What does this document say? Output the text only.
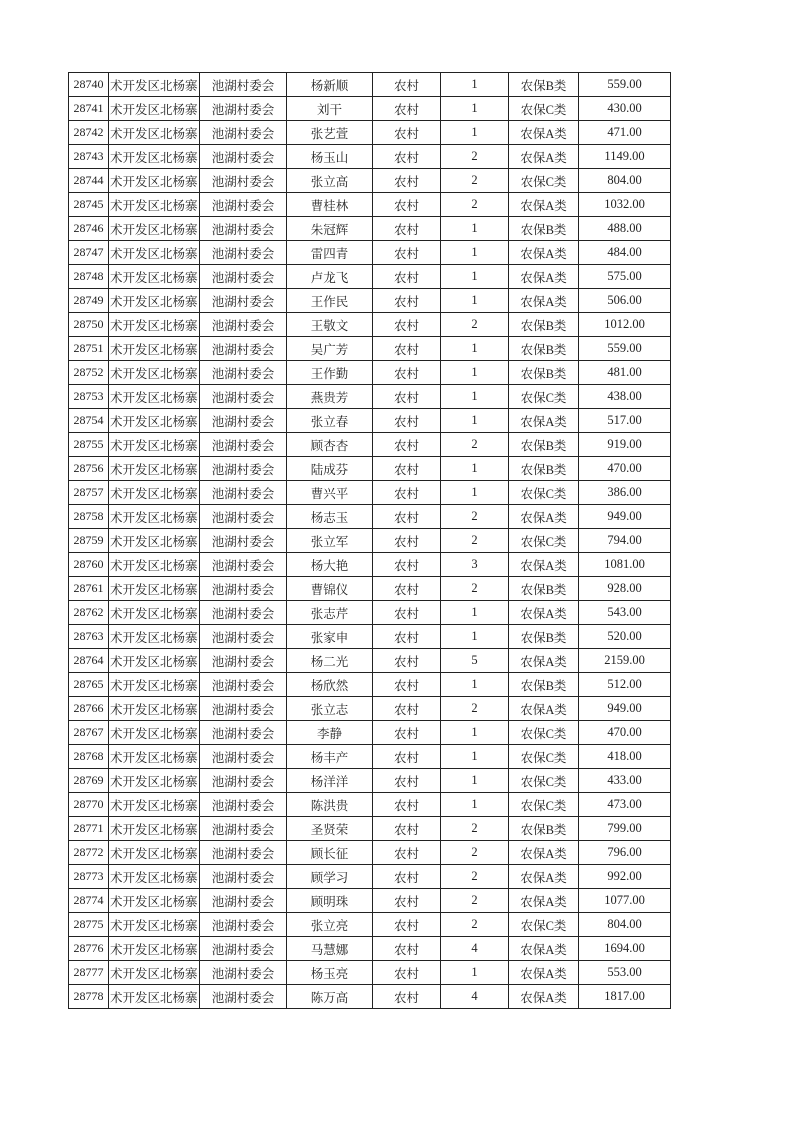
28740	术开发区北杨寨	池湖村委会	杨新顺	农村	1	农保B类	559.00
28741	术开发区北杨寨	池湖村委会	刘干	农村	1	农保C类	430.00
28742	术开发区北杨寨	池湖村委会	张艺萱	农村	1	农保A类	471.00
28743	术开发区北杨寨	池湖村委会	杨玉山	农村	2	农保A类	1149.00
28744	术开发区北杨寨	池湖村委会	张立高	农村	2	农保C类	804.00
28745	术开发区北杨寨	池湖村委会	曹桂林	农村	2	农保A类	1032.00
28746	术开发区北杨寨	池湖村委会	朱冠辉	农村	1	农保B类	488.00
28747	术开发区北杨寨	池湖村委会	雷四青	农村	1	农保A类	484.00
28748	术开发区北杨寨	池湖村委会	卢龙飞	农村	1	农保A类	575.00
28749	术开发区北杨寨	池湖村委会	王作民	农村	1	农保A类	506.00
28750	术开发区北杨寨	池湖村委会	王敬文	农村	2	农保B类	1012.00
28751	术开发区北杨寨	池湖村委会	吴广芳	农村	1	农保B类	559.00
28752	术开发区北杨寨	池湖村委会	王作勤	农村	1	农保B类	481.00
28753	术开发区北杨寨	池湖村委会	燕贵芳	农村	1	农保C类	438.00
28754	术开发区北杨寨	池湖村委会	张立春	农村	1	农保A类	517.00
28755	术开发区北杨寨	池湖村委会	顾杏杏	农村	2	农保B类	919.00
28756	术开发区北杨寨	池湖村委会	陆成芬	农村	1	农保B类	470.00
28757	术开发区北杨寨	池湖村委会	曹兴平	农村	1	农保C类	386.00
28758	术开发区北杨寨	池湖村委会	杨志玉	农村	2	农保A类	949.00
28759	术开发区北杨寨	池湖村委会	张立军	农村	2	农保C类	794.00
28760	术开发区北杨寨	池湖村委会	杨大艳	农村	3	农保A类	1081.00
28761	术开发区北杨寨	池湖村委会	曹锦仪	农村	2	农保B类	928.00
28762	术开发区北杨寨	池湖村委会	张志芹	农村	1	农保A类	543.00
28763	术开发区北杨寨	池湖村委会	张家申	农村	1	农保B类	520.00
28764	术开发区北杨寨	池湖村委会	杨二光	农村	5	农保A类	2159.00
28765	术开发区北杨寨	池湖村委会	杨欣然	农村	1	农保B类	512.00
28766	术开发区北杨寨	池湖村委会	张立志	农村	2	农保A类	949.00
28767	术开发区北杨寨	池湖村委会	李静	农村	1	农保C类	470.00
28768	术开发区北杨寨	池湖村委会	杨丰产	农村	1	农保C类	418.00
28769	术开发区北杨寨	池湖村委会	杨洋洋	农村	1	农保C类	433.00
28770	术开发区北杨寨	池湖村委会	陈洪贵	农村	1	农保C类	473.00
28771	术开发区北杨寨	池湖村委会	圣贤荣	农村	2	农保B类	799.00
28772	术开发区北杨寨	池湖村委会	顾长征	农村	2	农保A类	796.00
28773	术开发区北杨寨	池湖村委会	顾学习	农村	2	农保A类	992.00
28774	术开发区北杨寨	池湖村委会	顾明珠	农村	2	农保A类	1077.00
28775	术开发区北杨寨	池湖村委会	张立亮	农村	2	农保C类	804.00
28776	术开发区北杨寨	池湖村委会	马慧娜	农村	4	农保A类	1694.00
28777	术开发区北杨寨	池湖村委会	杨玉亮	农村	1	农保A类	553.00
28778	术开发区北杨寨	池湖村委会	陈万高	农村	4	农保A类	1817.00
